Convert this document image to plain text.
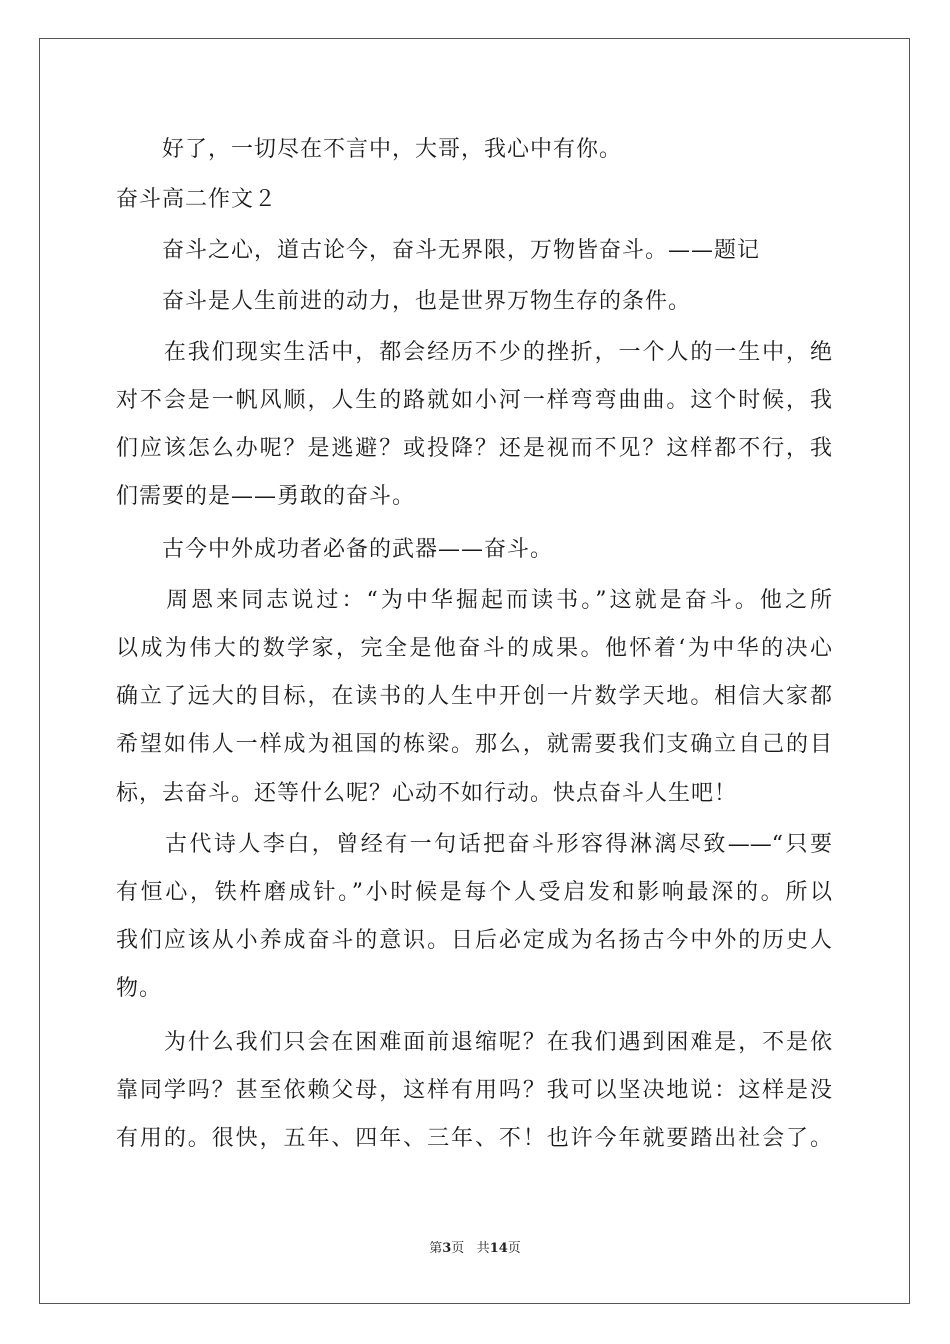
　　好了，一切尽在不言中，大哥，我心中有你。
奋斗高二作文２
　　奋斗之心，道古论今，奋斗无界限，万物皆奋斗。——题记
　　奋斗是人生前进的动力，也是世界万物生存的条件。
　　在我们现实生活中，都会经历不少的挫折，一个人的一生中，绝
对不会是一帆风顺，人生的路就如小河一样弯弯曲曲。这个时候，我
们应该怎么办呢？是逃避？或投降？还是视而不见？这样都不行，我
们需要的是——勇敢的奋斗。
　　古今中外成功者必备的武器——奋斗。
　　周恩来同志说过：“为中华掘起而读书。”这就是奋斗。他之所
以成为伟大的数学家，完全是他奋斗的成果。他怀着‘为中华的决心
确立了远大的目标，在读书的人生中开创一片数学天地。相信大家都
希望如伟人一样成为祖国的栋梁。那么，就需要我们支确立自己的目
标，去奋斗。还等什么呢？心动不如行动。快点奋斗人生吧！
　　古代诗人李白，曾经有一句话把奋斗形容得淋漓尽致——“只要
有恒心，铁杵磨成针。”小时候是每个人受启发和影响最深的。所以
我们应该从小养成奋斗的意识。日后必定成为名扬古今中外的历史人
物。
　　为什么我们只会在困难面前退缩呢？在我们遇到困难是，不是依
靠同学吗？甚至依赖父母，这样有用吗？我可以坚决地说：这样是没
有用的。很快，五年、四年、三年、不！也许今年就要踏出社会了。
第3页 共14页
